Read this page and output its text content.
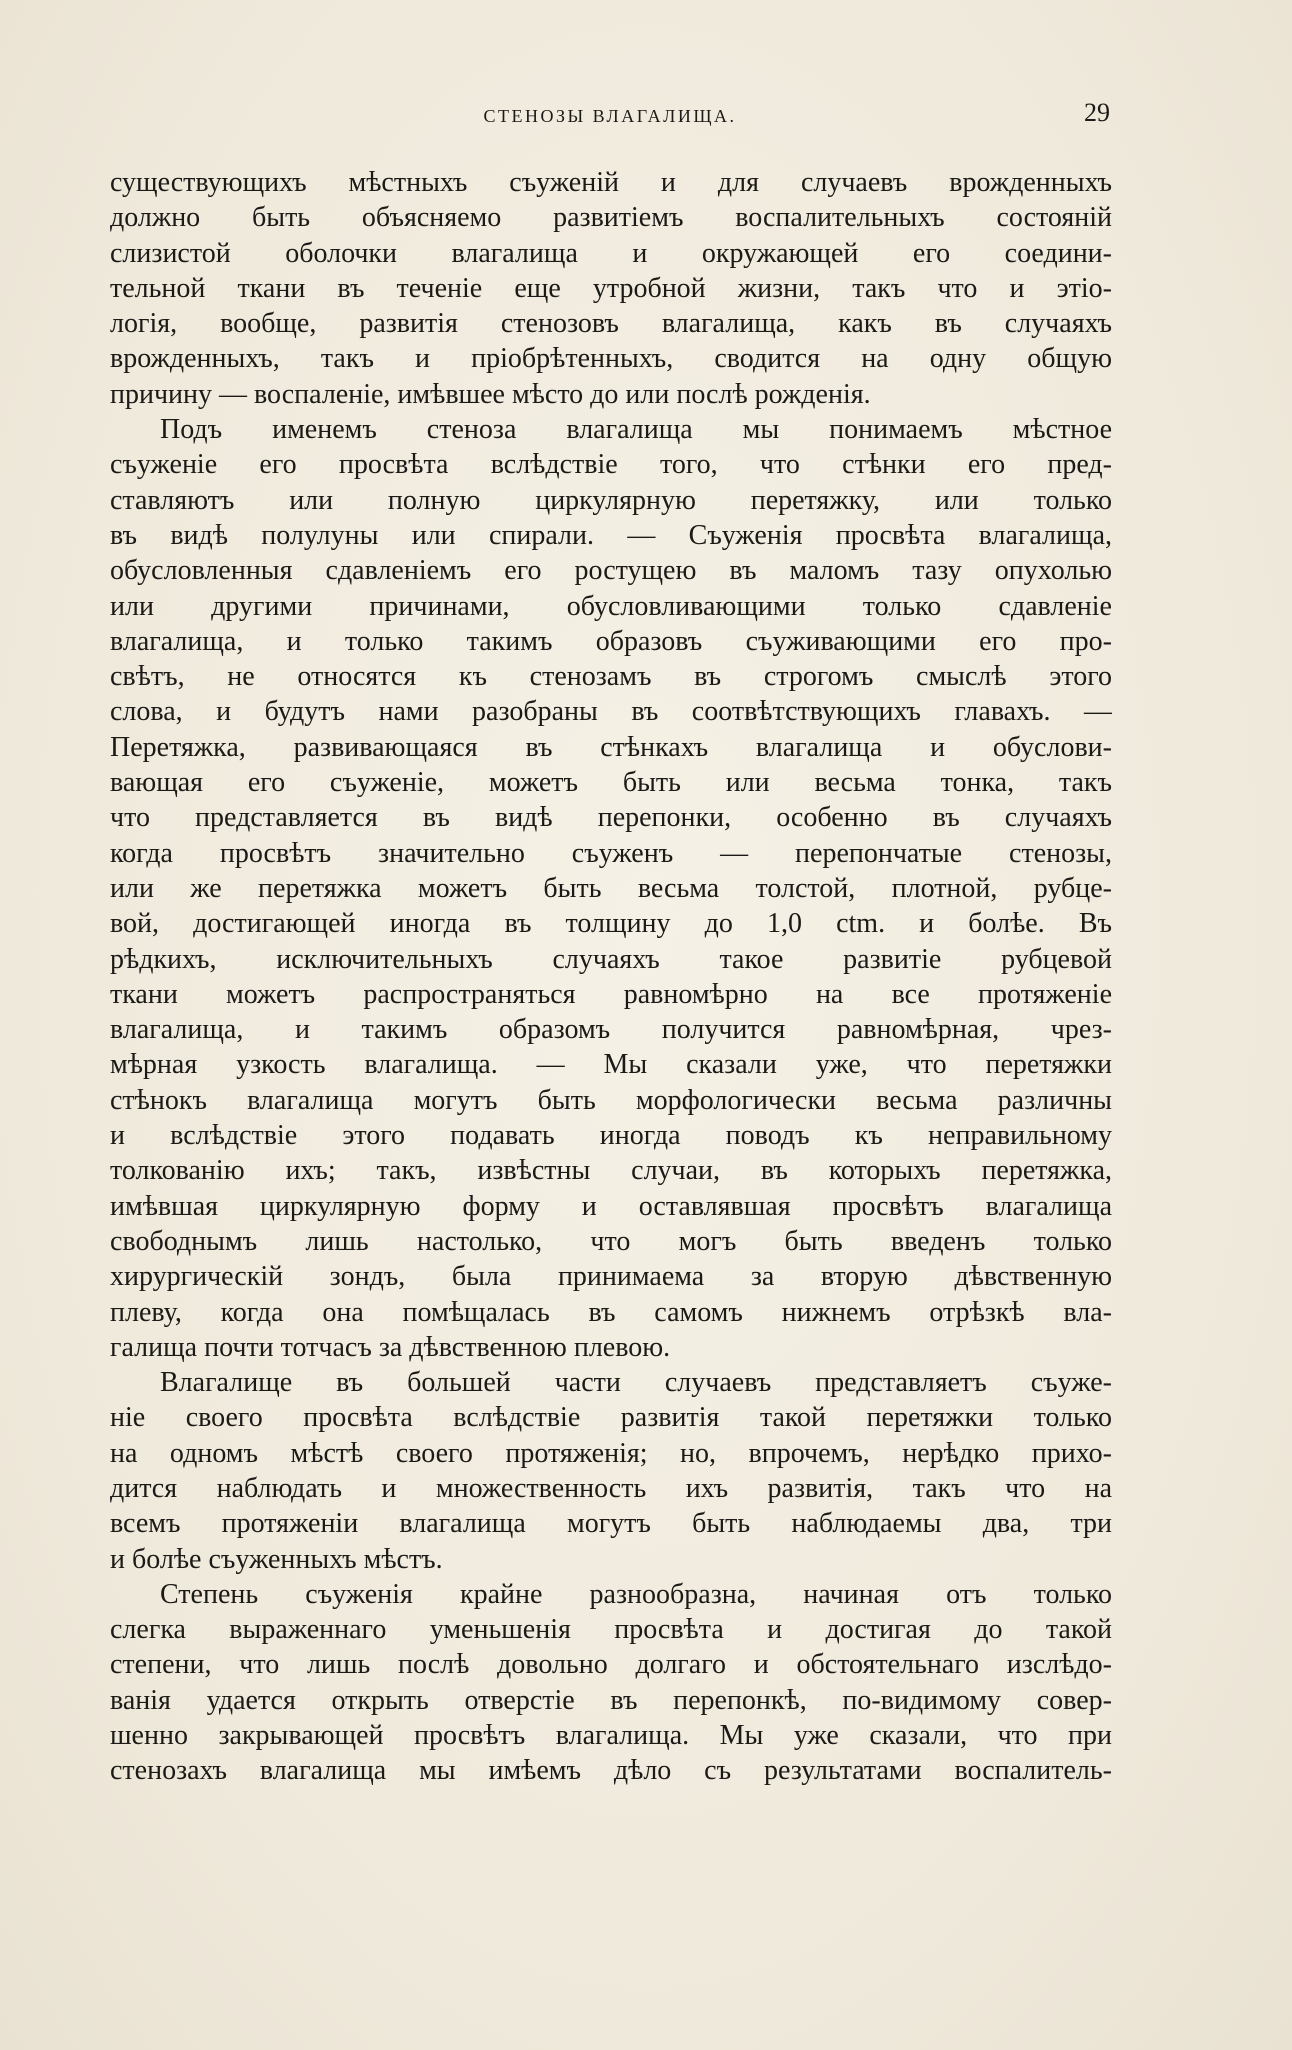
СТЕНОЗЫ ВЛАГАЛИЩА.	29
существующихъ мѣстныхъ съуженій и для случаевъ врожденныхъ
должно быть объясняемо развитіемъ воспалительныхъ состояній
слизистой оболочки влагалища и окружающей его соедини-
тельной ткани въ теченіе еще утробной жизни, такъ что и этіо-
логія, вообще, развитія стенозовъ влагалища, какъ въ случаяхъ
врожденныхъ, такъ и пріобрѣтенныхъ, сводится на одну общую
причину — воспаленіе, имѣвшее мѣсто до или послѣ рожденія.
Подъ именемъ стеноза влагалища мы понимаемъ мѣстное
съуженіе его просвѣта вслѣдствіе того, что стѣнки его пред-
ставляютъ или полную циркулярную перетяжку, или только
въ видѣ полулуны или спирали. — Съуженія просвѣта влагалища,
обусловленныя сдавленіемъ его ростущею въ маломъ тазу опухолью
или другими причинами, обусловливающими только сдавленіе
влагалища, и только такимъ образовъ съуживающими его про-
свѣтъ, не относятся къ стенозамъ въ строгомъ смыслѣ этого
слова, и будутъ нами разобраны въ соотвѣтствующихъ главахъ. —
Перетяжка, развивающаяся въ стѣнкахъ влагалища и обуслови-
вающая его съуженіе, можетъ быть или весьма тонка, такъ
что представляется въ видѣ перепонки, особенно въ случаяхъ
когда просвѣтъ значительно съуженъ — перепончатые стенозы,
или же перетяжка можетъ быть весьма толстой, плотной, рубце-
вой, достигающей иногда въ толщину до 1,0 ctm. и болѣе. Въ
рѣдкихъ, исключительныхъ случаяхъ такое развитіе рубцевой
ткани можетъ распространяться равномѣрно на все протяженіе
влагалища, и такимъ образомъ получится равномѣрная, чрез-
мѣрная узкость влагалища. — Мы сказали уже, что перетяжки
стѣнокъ влагалища могутъ быть морфологически весьма различны
и вслѣдствіе этого подавать иногда поводъ къ неправильному
толкованію ихъ; такъ, извѣстны случаи, въ которыхъ перетяжка,
имѣвшая циркулярную форму и оставлявшая просвѣтъ влагалища
свободнымъ лишь настолько, что могъ быть введенъ только
хирургическій зондъ, была принимаема за вторую дѣвственную
плеву, когда она помѣщалась въ самомъ нижнемъ отрѣзкѣ вла-
галища почти тотчасъ за дѣвственною плевою.
Влагалище въ большей части случаевъ представляетъ съуже-
ніе своего просвѣта вслѣдствіе развитія такой перетяжки только
на одномъ мѣстѣ своего протяженія; но, впрочемъ, нерѣдко прихо-
дится наблюдать и множественность ихъ развитія, такъ что на
всемъ протяженіи влагалища могутъ быть наблюдаемы два, три
и болѣе съуженныхъ мѣстъ.
Степень съуженія крайне разнообразна, начиная отъ только
слегка выраженнаго уменьшенія просвѣта и достигая до такой
степени, что лишь послѣ довольно долгаго и обстоятельнаго изслѣдо-
ванія удается открыть отверстіе въ перепонкѣ, по-видимому совер-
шенно закрывающей просвѣтъ влагалища. Мы уже сказали, что при
стенозахъ влагалища мы имѣемъ дѣло съ результатами воспалитель-
